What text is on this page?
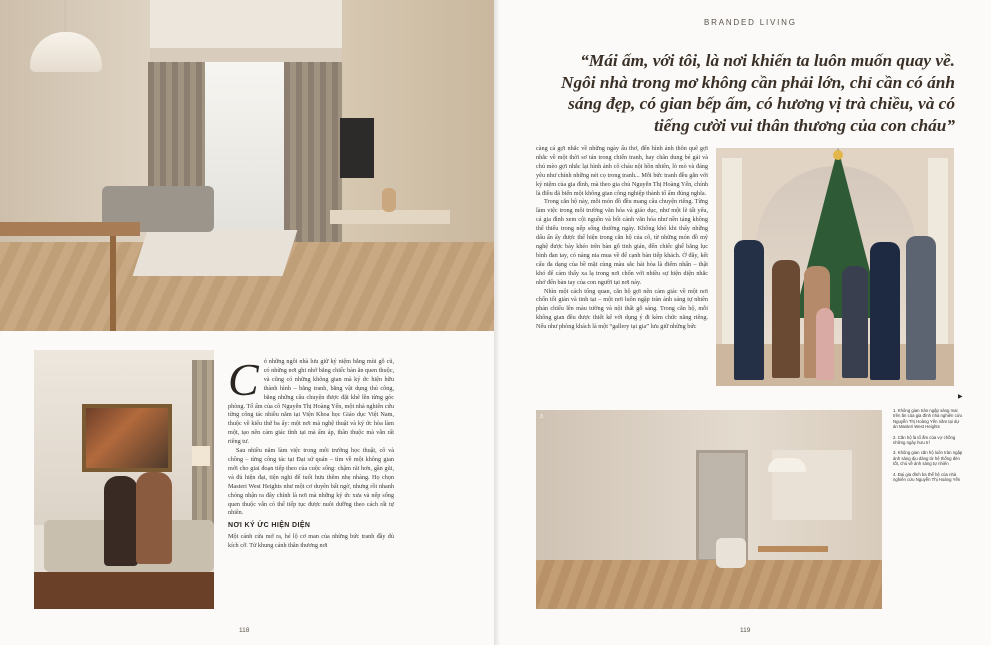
Có những ngôi nhà lưu giữ ký niệm bằng mùi gỗ cũ, có những nơi ghi nhớ bằng chiếc bàn ăn quen thuộc, và cũng có những không gian mà ký ức hiện hữu thành hình – bằng tranh, bằng vật dụng thủ công, bằng những câu chuyện được đặt khẽ lên từng góc phòng. Tổ ấm của cô Nguyễn Thị Hoàng Yến, một nhà nghiên cứu từng công tác nhiều năm tại Viện Khoa học Giáo dục Việt Nam, thuộc về kiểu thứ ba ấy: một nơi mà nghệ thuật và ký ức hòa làm một, tạo nên cảm giác tĩnh tại mà ấm áp, thân thuộc mà vẫn rất riêng tư.

Sau nhiều năm làm việc trong môi trường học thuật, cô và chồng – từng công tác tại Đại sứ quán – tìm về một không gian mới cho giai đoạn tiếp theo của cuộc sống: chậm rãi hơn, gần gũi, và đủ hiện đại, tiện nghi để tuổi hưu thêm nhẹ nhàng. Họ chọn Masteri West Heights như một cơ duyên bất ngờ, nhưng rồi nhanh chóng nhận ra đây chính là nơi mà những ký ức xưa và nếp sống quen thuộc vẫn có thể tiếp tục được nuôi dưỡng theo cách rất tự nhiên.

NƠI KÝ ỨC HIỆN DIỆN

Một cánh cửa mở ra, hé lộ cơ man của những bức tranh đầy đủ kích cỡ. Từ khung cảnh thân thương nơi

118
BRANDED LIVING
“Mái ấm, với tôi, là nơi khiến ta luôn muốn quay về. Ngôi nhà trong mơ không cần phải lớn, chỉ cần có ánh sáng đẹp, có gian bếp ấm, có hương vị trà chiều, và có tiếng cười vui thân thương của con cháu”

càng cá gợi nhắc về những ngày ấu thơ, đến hình ảnh thôn quê gợi nhắc về một thời sơ tán trong chiến tranh, hay chân dung bé gái và chú mèo gợi nhắc lại hình ảnh cô cháu nội hồn nhiên, lò mò và đáng yêu như chính những nét cọ trong tranh... Mỗi bức tranh đều gắn với ký niệm của gia đình, mà theo gia chủ Nguyễn Thị Hoàng Yến, chính là điều đã biến một không gian công nghiệp thành tổ ấm đúng nghĩa.

Trong căn hộ này, mỗi món đồ đều mang câu chuyện riêng. Từng làm việc trong môi trường văn hóa và giáo dục, như một lẽ tất yếu, cả gia đình xem cội nguồn và bối cảnh văn hóa như nền tảng không thể thiếu trong nếp sống thường ngày. Không khó khi thấy những dấu ấn ấy được thể hiện trong căn hộ của cô, từ những món đồ mỹ nghệ được bày khéo trên bàn gỗ tinh giản, đến chiếc ghế băng lục bình đan tay, có nàng nia mua về để cạnh bàn tiếp khách. Ở đây, kết cấu đa dạng của bề mặt cùng màu sắc hài hòa là điểm nhấn – thật khó để cảm thấy xa lạ trong nơi chốn với nhiều sự hiện diện nhắc nhở đến bàn tay của con người tại nơi này.

Nhìn một cách tổng quan, căn hộ gợi nên cảm giác về một nơi chốn tối giản và tinh tại – một nơi luôn ngập tràn ánh sáng tự nhiên phản chiếu lên màu tường và nội thất gỗ sáng. Trong căn hộ, mỗi không gian đều được thiết kế với dụng ý đi kèm chức năng riêng. Nếu như phòng khách là một “gallery tại gia” lưu giữ những bức

▶
3
1. Không gian tràn ngập sáng mai trên ăn của gia đình nhà nghiên cứu Nguyễn Thị Hoàng Yến năm tại dự án Masteri West Heights
2. Căn hộ là tổ ấm của vợ chồng những ngày hưu trí
3. Không gian căn hộ luôn tràn ngập ánh sáng dịu dàng từ hệ thống đèn tốt, chú về ánh sáng tự nhiên
4. Đại gia đình ba thế hệ của nhà nghiên cứu Nguyễn Thị Hoàng Yến
119
